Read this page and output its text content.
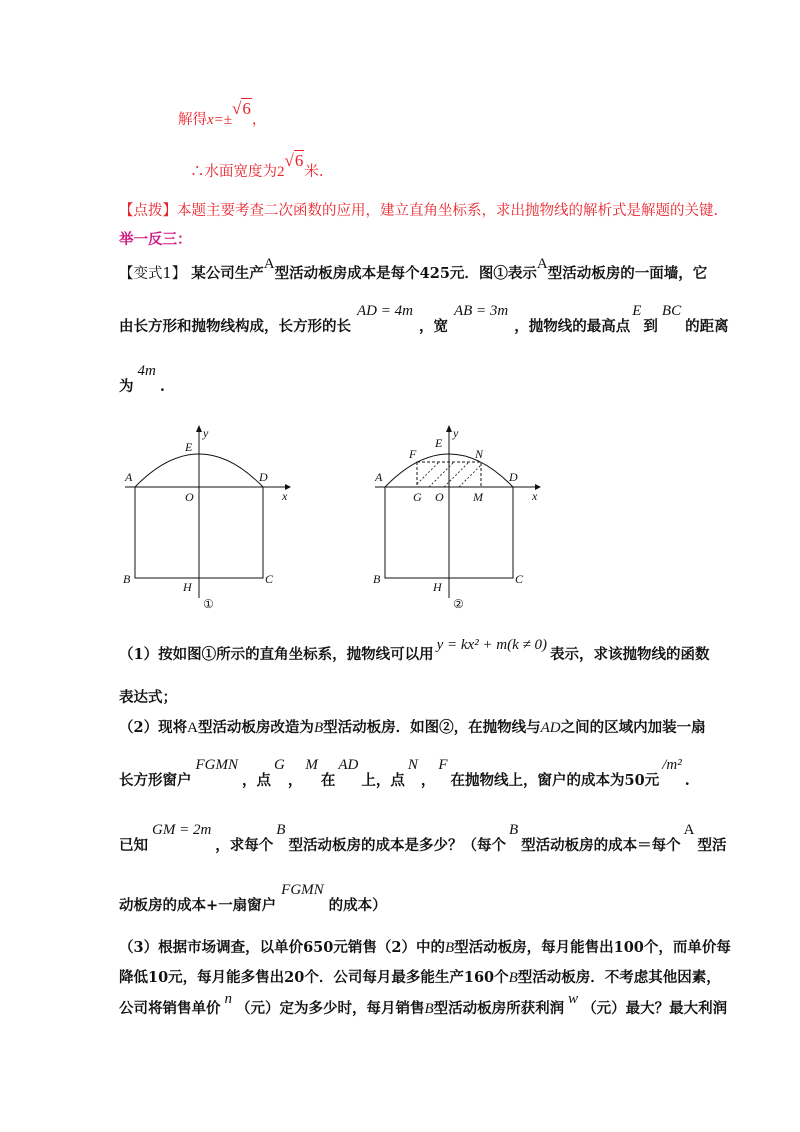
解得x=±√6，
∴水面宽度为2√6米.
【点拨】本题主要考查二次函数的应用，建立直角坐标系，求出抛物线的解析式是解题的关键.
举一反三：
【变式1】 某公司生产A型活动板房成本是每个425元．图①表示A型活动板房的一面墙，它
由长方形和抛物线构成，长方形的长AD = 4m，宽AB = 3m，抛物线的最高点E到BC的距离
为4m.
y
E
A	D
O	x
B	C
H
①
y
E
F	N
A	D
G O M	x
B	C
H
②
（1）按如图①所示的直角坐标系，抛物线可以用y = kx² + m(k ≠ 0)表示，求该抛物线的函数
表达式；
（2）现将A型活动板房改造为B型活动板房．如图②，在抛物线与AD之间的区域内加装一扇
长方形窗户FGMN，点G，M在AD上，点N，F在抛物线上，窗户的成本为50元/m².
已知GM = 2m，求每个B型活动板房的成本是多少？（每个B型活动板房的成本＝每个A型活
动板房的成本+一扇窗户FGMN的成本）
（3）根据市场调查，以单价650元销售（2）中的B型活动板房，每月能售出100个，而单价每
降低10元，每月能多售出20个．公司每月最多能生产160个B型活动板房．不考虑其他因素，
公司将销售单价n（元）定为多少时，每月销售B型活动板房所获利润w（元）最大？最大利润
